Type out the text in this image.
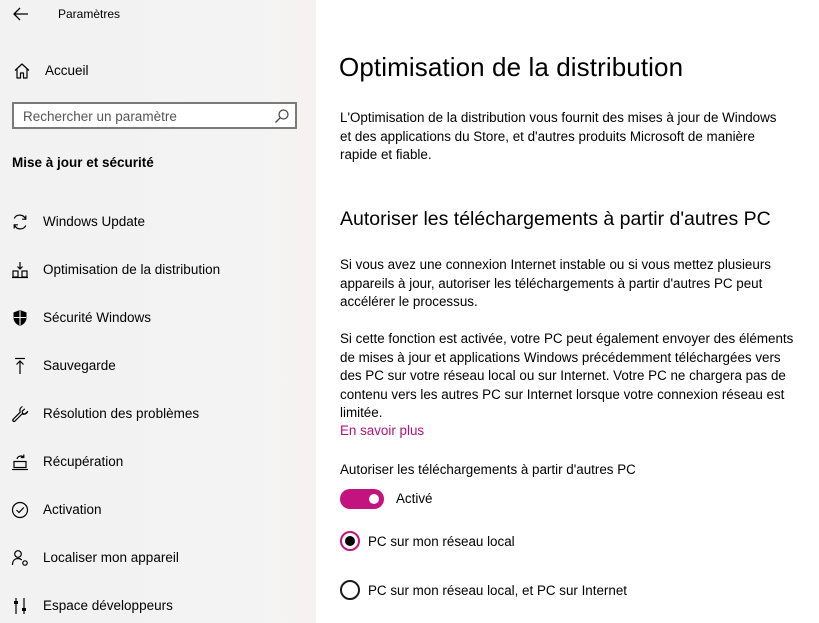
Paramètres
Accueil
Rechercher un paramètre
Mise à jour et sécurité
Windows Update
Optimisation de la distribution
Sécurité Windows
Sauvegarde
Résolution des problèmes
Récupération
Activation
Localiser mon appareil
Espace développeurs
Optimisation de la distribution

L'Optimisation de la distribution vous fournit des mises à jour de Windows et des applications du Store, et d'autres produits Microsoft de manière rapide et fiable.

Autoriser les téléchargements à partir d'autres PC

Si vous avez une connexion Internet instable ou si vous mettez plusieurs appareils à jour, autoriser les téléchargements à partir d'autres PC peut accélérer le processus.

Si cette fonction est activée, votre PC peut également envoyer des éléments de mises à jour et applications Windows précédemment téléchargées vers des PC sur votre réseau local ou sur Internet. Votre PC ne chargera pas de contenu vers les autres PC sur Internet lorsque votre connexion réseau est limitée.

En savoir plus
Autoriser les téléchargements à partir d'autres PC
Activé
PC sur mon réseau local
PC sur mon réseau local, et PC sur Internet
